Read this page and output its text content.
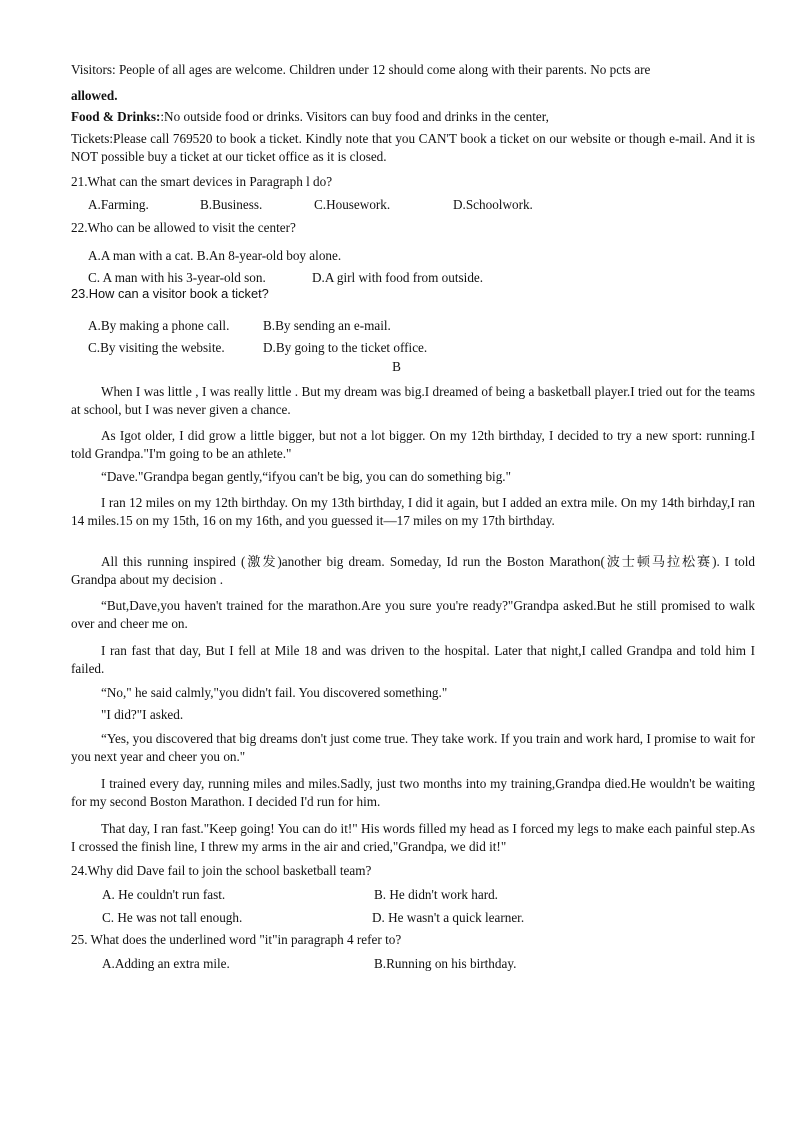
Visitors: People of all ages are welcome. Children under 12 should come along with their parents. No pcts are

allowed.

Food & Drinks::No outside food or drinks. Visitors can buy food and drinks in the center,

Tickets:Please call 769520 to book a ticket. Kindly note that you CAN'T book a ticket on our website or though e-mail. And it is NOT possible buy a ticket at our ticket office as it is closed.

21.What can the smart devices in Paragraph l do?

A.Farming.	B.Business.	C.Housework.	D.Schoolwork.

22.Who can be allowed to visit the center?

A.A man with a cat. B.An 8-year-old boy alone.
C. A man with his 3-year-old son.	D.A girl with food from outside.

23.How can a visitor book a ticket?

A.By making a phone call.	B.By sending an e-mail.
C.By visiting the website.	D.By going to the ticket office.
B

When I was little , I was really little . But my dream was big.I dreamed of being a basketball player.I tried out for the teams at school, but I was never given a chance.

As Igot older, I did grow a little bigger, but not a lot bigger. On my 12th birthday, I decided to try a new sport: running.I told Grandpa."I'm going to be an athlete."

“Dave."Grandpa began gently,“ifyou can't be big, you can do something big."

I ran 12 miles on my 12th birthday. On my 13th birthday, I did it again, but I added an extra mile. On my 14th birhday,I ran 14 miles.15 on my 15th, 16 on my 16th, and you guessed it—17 miles on my 17th birthday.

All this running inspired (激发)another big dream. Someday, Id run the Boston Marathon(波士顿马拉松赛). I told Grandpa about my decision .

“But,Dave,you haven't trained for the marathon.Are you sure you're ready?"Grandpa asked.But he still promised to walk over and cheer me on.

I ran fast that day, But I fell at Mile 18 and was driven to the hospital. Later that night,I called Grandpa and told him I failed.

“No," he said calmly,"you didn't fail. You discovered something."

"I did?"I asked.

“Yes, you discovered that big dreams don't just come true. They take work. If you train and work hard, I promise to wait for you next year and cheer you on."

I trained every day, running miles and miles.Sadly, just two months into my training,Grandpa died.He wouldn't be waiting for my second Boston Marathon. I decided I'd run for him.

That day, I ran fast."Keep going! You can do it!" His words filled my head as I forced my legs to make each painful step.As I crossed the finish line, I threw my arms in the air and cried,"Grandpa, we did it!"

24.Why did Dave fail to join the school basketball team?

A. He couldn't run fast.	B. He didn't work hard.
C. He was not tall enough.	D. He wasn't a quick learner.

25. What does the underlined word "it"in paragraph 4 refer to?

A.Adding an extra mile.	B.Running on his birthday.
